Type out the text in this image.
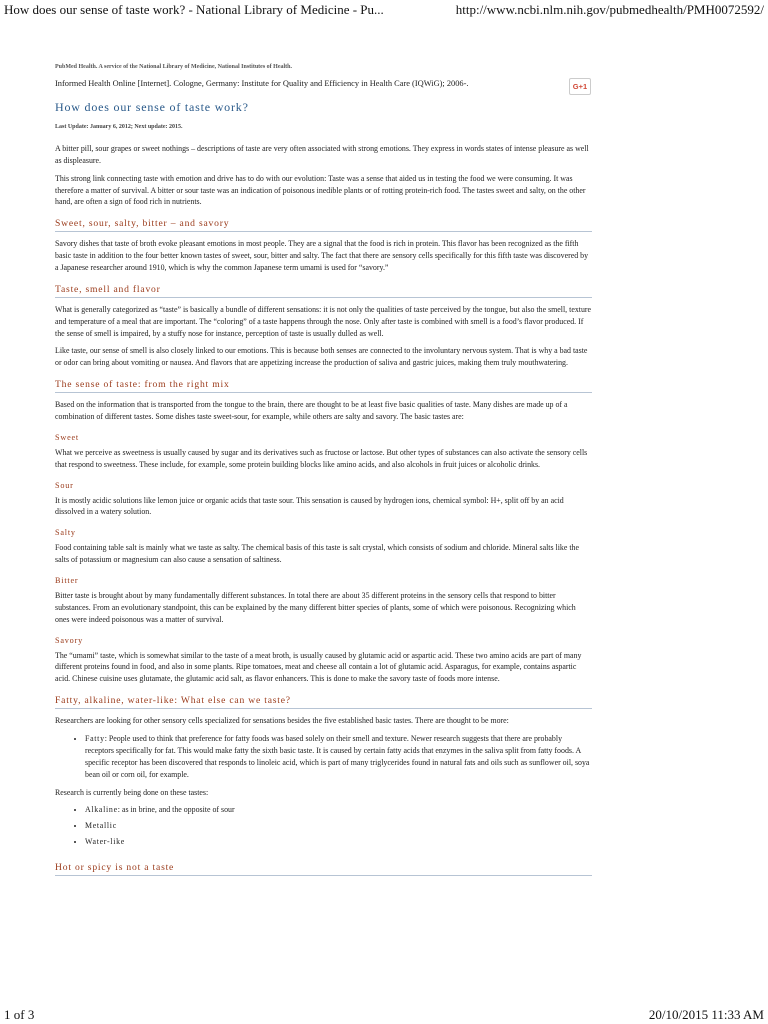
How does our sense of taste work? - National Library of Medicine - Pu...	http://www.ncbi.nlm.nih.gov/pubmedhealth/PMH0072592/
G+1
PubMed Health. A service of the National Library of Medicine, National Institutes of Health.
Informed Health Online [Internet]. Cologne, Germany: Institute for Quality and Efficiency in Health Care (IQWiG); 2006-.
How does our sense of taste work?
Last Update: January 6, 2012; Next update: 2015.

A bitter pill, sour grapes or sweet nothings – descriptions of taste are very often associated with strong emotions. They express in words states of intense pleasure as well as displeasure.

This strong link connecting taste with emotion and drive has to do with our evolution: Taste was a sense that aided us in testing the food we were consuming. It was therefore a matter of survival. A bitter or sour taste was an indication of poisonous inedible plants or of rotting protein-rich food. The tastes sweet and salty, on the other hand, are often a sign of food rich in nutrients.

Sweet, sour, salty, bitter – and savory

Savory dishes that taste of broth evoke pleasant emotions in most people. They are a signal that the food is rich in protein. This flavor has been recognized as the fifth basic taste in addition to the four better known tastes of sweet, sour, bitter and salty. The fact that there are sensory cells specifically for this fifth taste was discovered by a Japanese researcher around 1910, which is why the common Japanese term umami is used for “savory.”

Taste, smell and flavor

What is generally categorized as “taste” is basically a bundle of different sensations: it is not only the qualities of taste perceived by the tongue, but also the smell, texture and temperature of a meal that are important. The “coloring” of a taste happens through the nose. Only after taste is combined with smell is a food’s flavor produced. If the sense of smell is impaired, by a stuffy nose for instance, perception of taste is usually dulled as well.

Like taste, our sense of smell is also closely linked to our emotions. This is because both senses are connected to the involuntary nervous system. That is why a bad taste or odor can bring about vomiting or nausea. And flavors that are appetizing increase the production of saliva and gastric juices, making them truly mouthwatering.

The sense of taste: from the right mix

Based on the information that is transported from the tongue to the brain, there are thought to be at least five basic qualities of taste. Many dishes are made up of a combination of different tastes. Some dishes taste sweet-sour, for example, while others are salty and savory. The basic tastes are:

Sweet

What we perceive as sweetness is usually caused by sugar and its derivatives such as fructose or lactose. But other types of substances can also activate the sensory cells that respond to sweetness. These include, for example, some protein building blocks like amino acids, and also alcohols in fruit juices or alcoholic drinks.

Sour

It is mostly acidic solutions like lemon juice or organic acids that taste sour. This sensation is caused by hydrogen ions, chemical symbol: H+, split off by an acid dissolved in a watery solution.

Salty

Food containing table salt is mainly what we taste as salty. The chemical basis of this taste is salt crystal, which consists of sodium and chloride. Mineral salts like the salts of potassium or magnesium can also cause a sensation of saltiness.

Bitter

Bitter taste is brought about by many fundamentally different substances. In total there are about 35 different proteins in the sensory cells that respond to bitter substances. From an evolutionary standpoint, this can be explained by the many different bitter species of plants, some of which were poisonous. Recognizing which ones were indeed poisonous was a matter of survival.

Savory

The “umami” taste, which is somewhat similar to the taste of a meat broth, is usually caused by glutamic acid or aspartic acid. These two amino acids are part of many different proteins found in food, and also in some plants. Ripe tomatoes, meat and cheese all contain a lot of glutamic acid. Asparagus, for example, contains aspartic acid. Chinese cuisine uses glutamate, the glutamic acid salt, as flavor enhancers. This is done to make the savory taste of foods more intense.

Fatty, alkaline, water-like: What else can we taste?

Researchers are looking for other sensory cells specialized for sensations besides the five established basic tastes. There are thought to be more:

• Fatty: People used to think that preference for fatty foods was based solely on their smell and texture. Newer research suggests that there are probably receptors specifically for fat. This would make fatty the sixth basic taste. It is caused by certain fatty acids that enzymes in the saliva split from fatty foods. A specific receptor has been discovered that responds to linoleic acid, which is part of many triglycerides found in natural fats and oils such as sunflower oil, soya bean oil or corn oil, for example.

Research is currently being done on these tastes:

• Alkaline: as in brine, and the opposite of sour
• Metallic
• Water-like
Hot or spicy is not a taste
1 of 3	20/10/2015 11:33 AM
